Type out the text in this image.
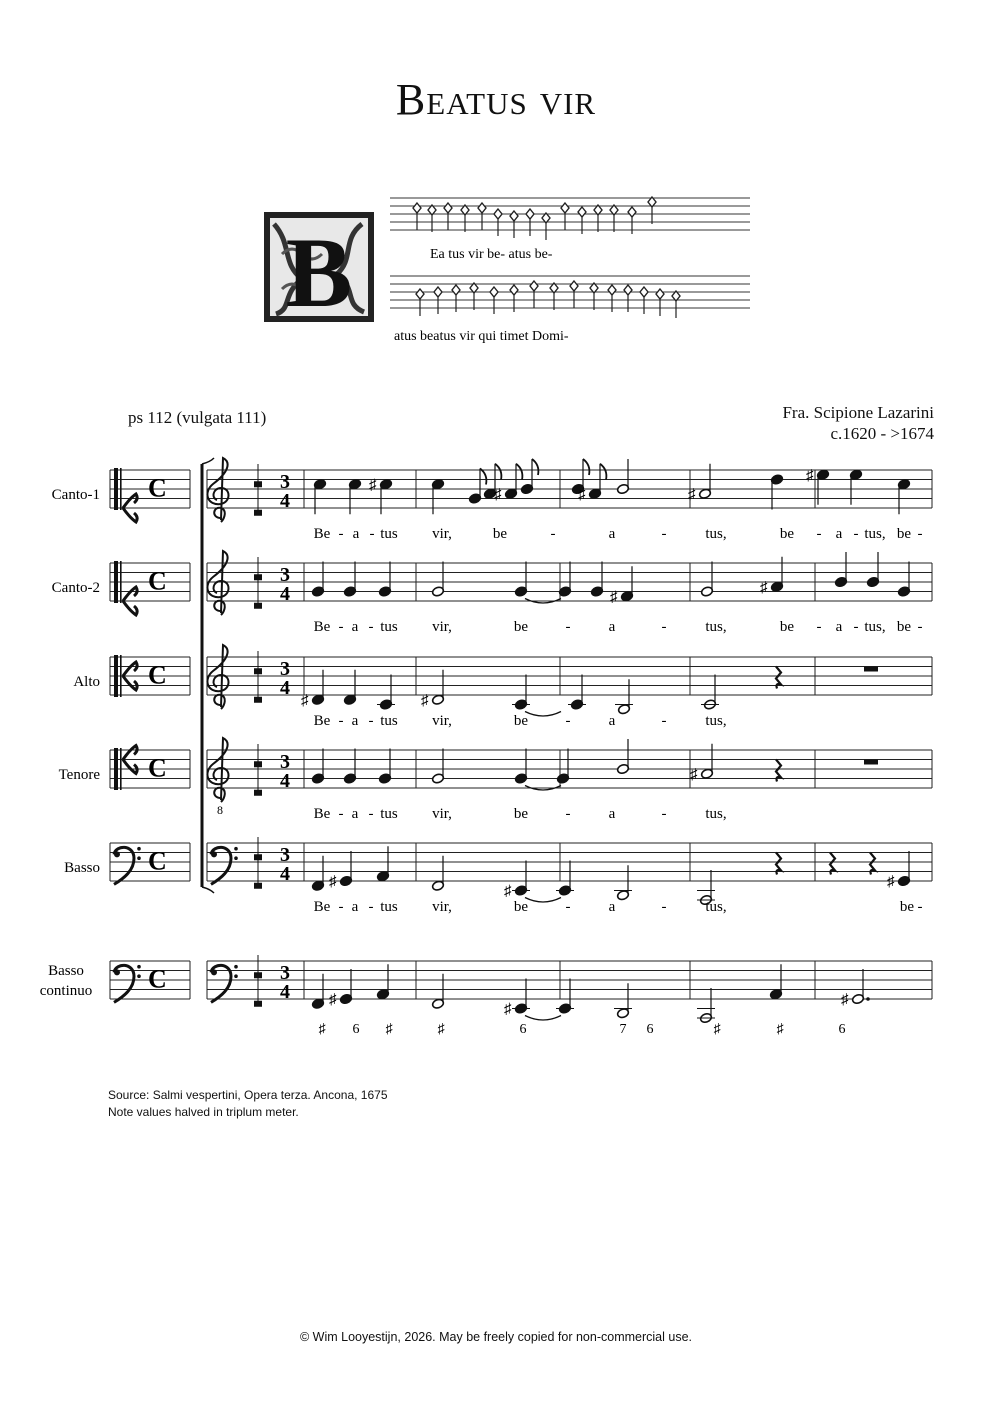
Beatus vir
B	Ea tus vir be- atus be-
atus beatus vir qui timet Domi-
ps 112 (vulgata 111)	Fra. Scipione Lazarini
c.1620 - >1674
Canto-1 C	3
4
♯
♯	♯	♯
♯
Be - a - tus vir,	be	-	a	-	tus,	be - a - tus, be -
Canto-2 C	3
4	♯
♯
Be - a - tus vir,	be -	a	-	tus,	be - a - tus, be -
Alto C	3
4
♯	♯
Be - a - tus vir,	be -	a	-	tus,
Tenore C
8
3
4	♯
Be - a - tus vir,	be -	a	-	tus,
Basso C	3
4	♯
♯
♯
Be - a - tus vir,	be -	a	-	tus,	be -
Basso
continuo C	3
4	♯
♯
♯
♯ 6 ♯	♯	6	7 6	♯	♯	6
Source: Salmi vespertini, Opera terza. Ancona, 1675
Note values halved in triplum meter.
© Wim Looyestijn, 2026. May be freely copied for non-commercial use.
